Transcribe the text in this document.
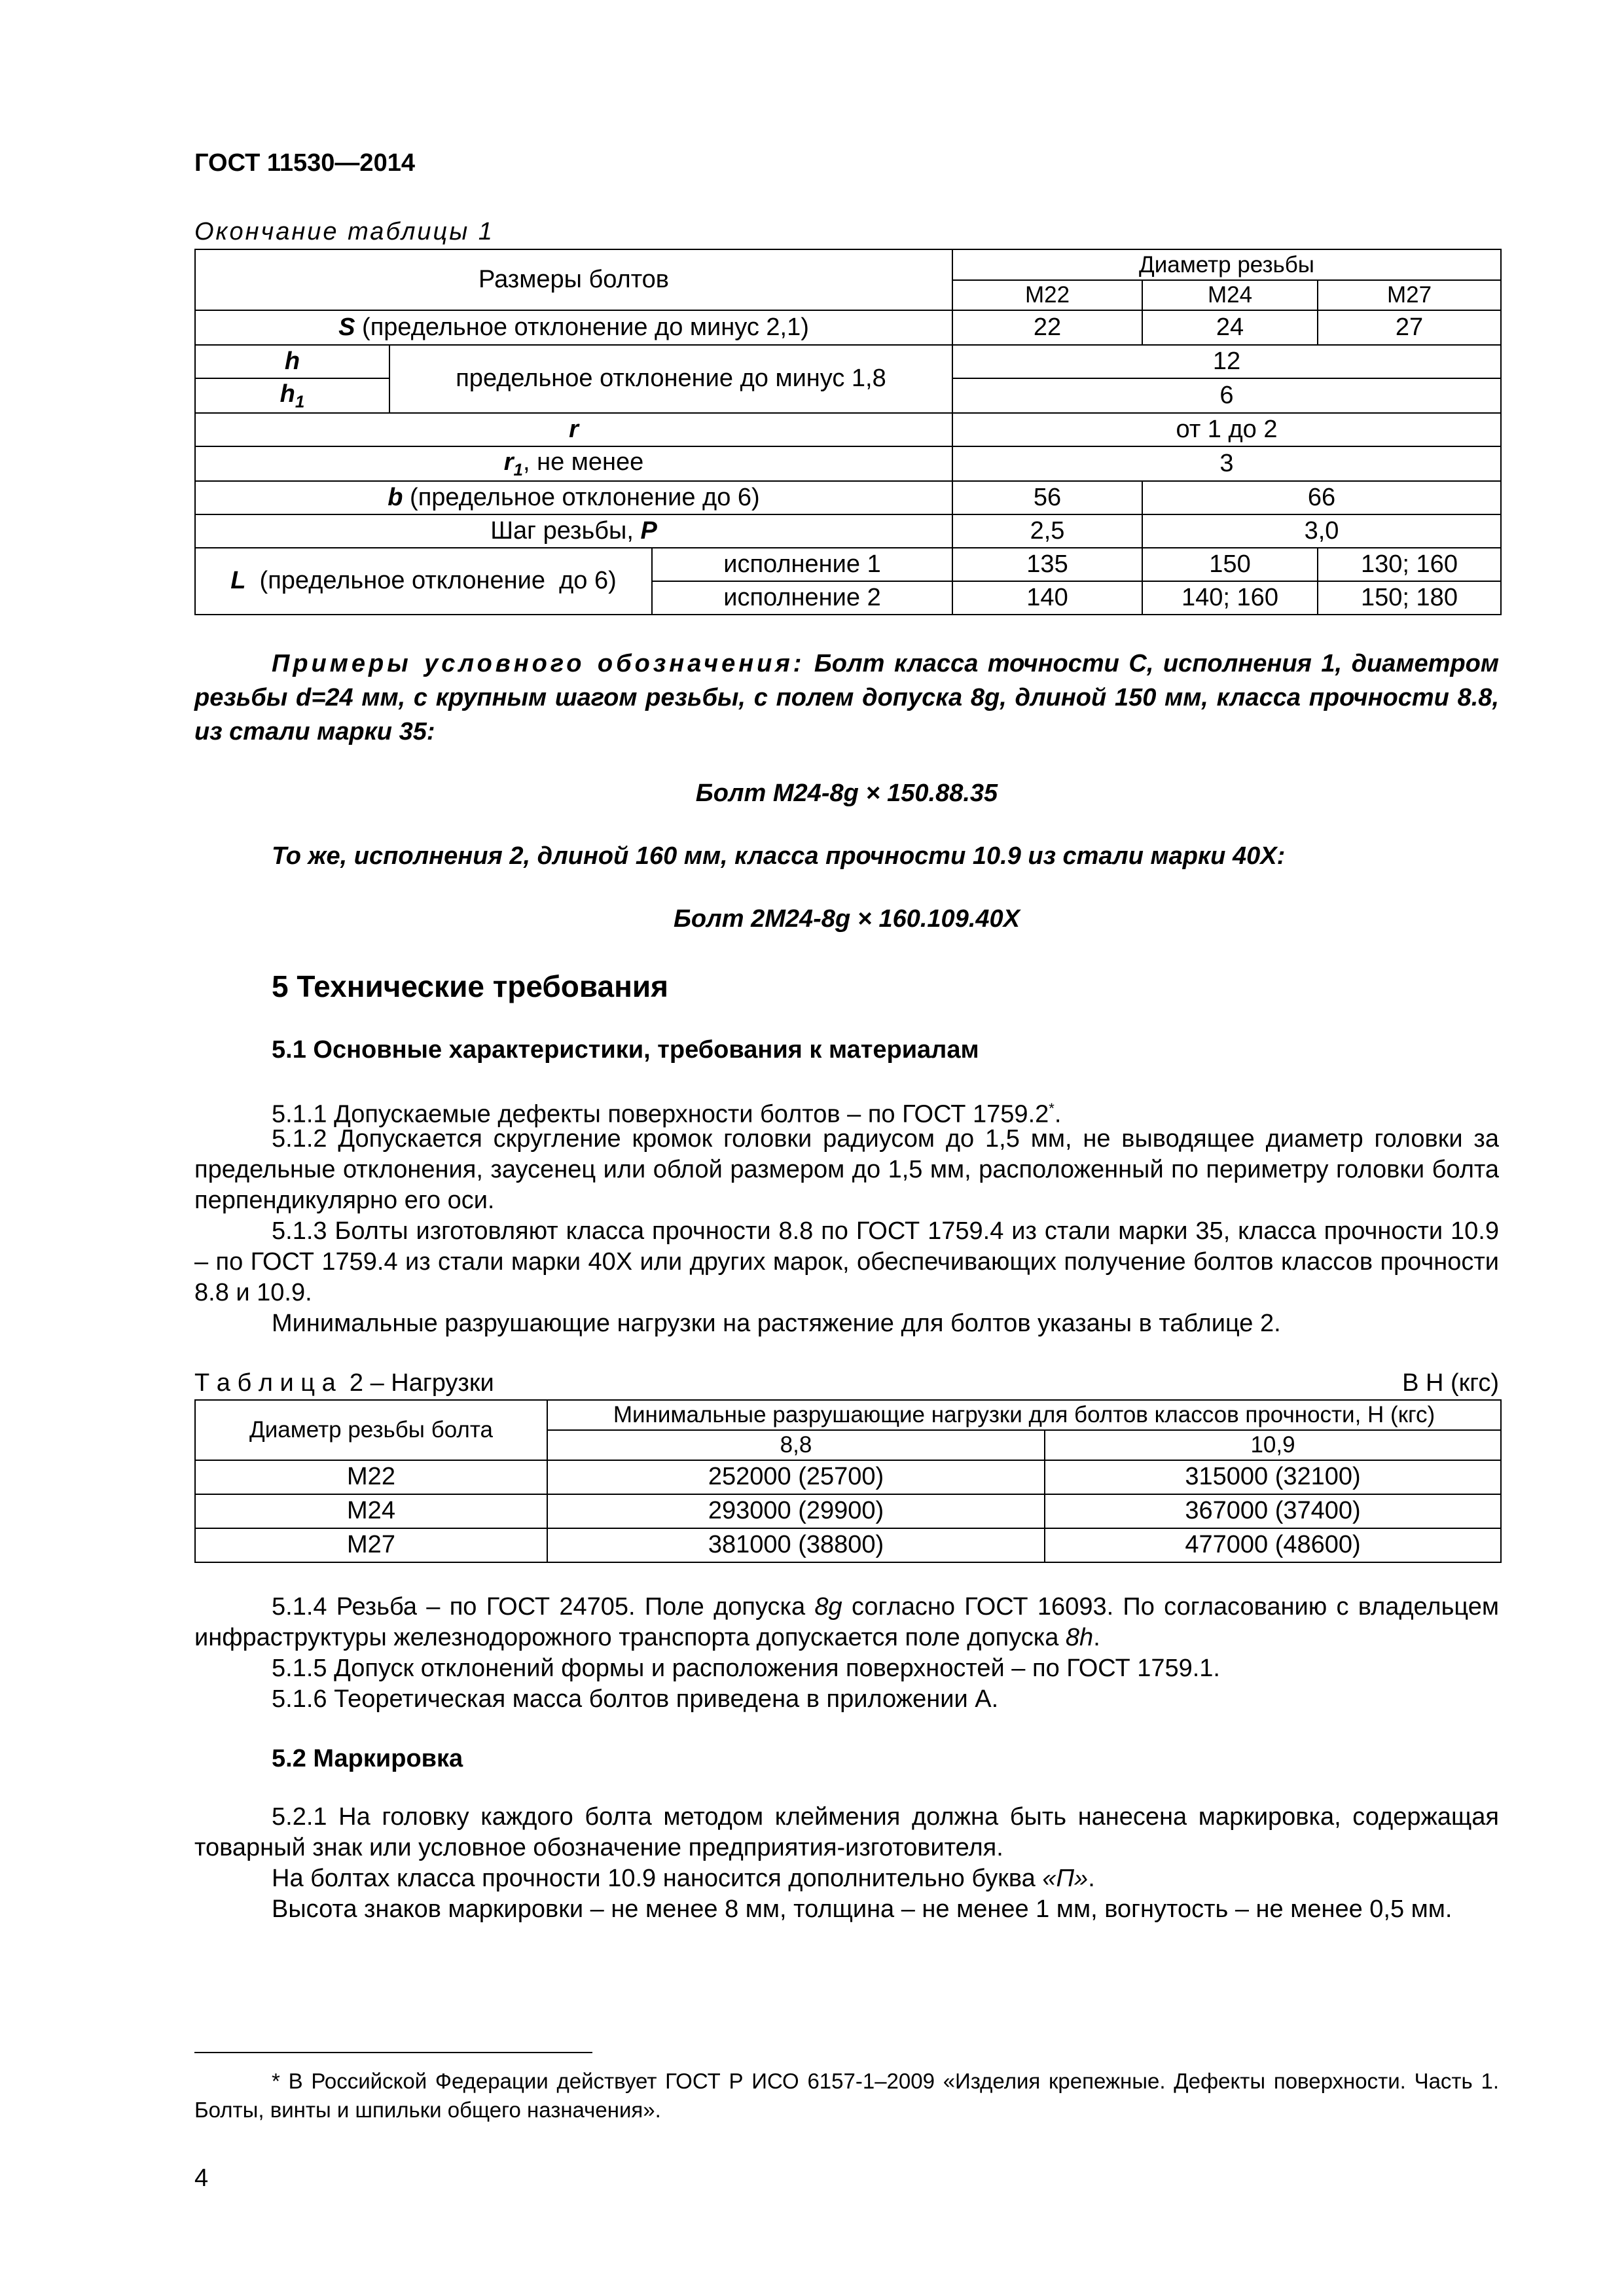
ГОСТ 11530—2014
Окончание таблицы 1
Размеры болтов			Диаметр резьбы		
			М22	М24	М27
S (предельное отклонение до минус 2,1)			22	24	27
h	предельное отклонение до минус 1,8		12		
$h_1$			6		
r			от 1 до 2		
$r_1$, не менее			3		
b (предельное отклонение до 6)			56	66	
Шаг резьбы, P			2,5	3,0	
L  (предельное отклонение  до 6)		исполнение 1	135	150	130; 160
		исполнение 2	140	140; 160	150; 180
Примеры условного обозначения: Болт класса точности С, исполнения 1, диаметром резьбы d=24 мм, с крупным шагом резьбы, с полем допуска 8g, длиной 150 мм, класса прочности 8.8, из стали марки 35:
Болт М24-8g × 150.88.35
То же, исполнения 2, длиной 160 мм, класса прочности 10.9 из стали марки 40Х:
Болт 2М24-8g × 160.109.40Х
5 Технические требования
5.1 Основные характеристики, требования к материалам
5.1.1 Допускаемые дефекты поверхности болтов – по ГОСТ 1759.2*.
5.1.2 Допускается скругление кромок головки радиусом до 1,5 мм, не выводящее диаметр головки за предельные отклонения, заусенец или облой размером до 1,5 мм, расположенный по периметру головки болта перпендикулярно его оси.
5.1.3 Болты изготовляют класса прочности 8.8 по ГОСТ 1759.4 из стали марки 35, класса прочности 10.9 – по ГОСТ 1759.4 из стали марки 40Х или других марок, обеспечивающих получение болтов классов прочности 8.8 и 10.9.
Минимальные разрушающие нагрузки на растяжение для болтов указаны в таблице 2.
Т а б л и ц а  2 – Нагрузки	В Н (кгс)
Диаметр резьбы болта	Минимальные разрушающие нагрузки для болтов классов прочности, Н (кгс)	
	8,8	10,9
М22	252000 (25700)	315000 (32100)
М24	293000 (29900)	367000 (37400)
М27	381000 (38800)	477000 (48600)
5.1.4 Резьба – по ГОСТ 24705. Поле допуска 8g согласно ГОСТ 16093. По согласованию с владельцем инфраструктуры железнодорожного транспорта допускается поле допуска 8h.
5.1.5 Допуск отклонений формы и расположения поверхностей – по ГОСТ 1759.1.
5.1.6 Теоретическая масса болтов приведена в приложении А.
5.2 Маркировка
5.2.1 На головку каждого болта методом клеймения должна быть нанесена маркировка, содержащая товарный знак или условное обозначение предприятия-изготовителя.
На болтах класса прочности 10.9 наносится дополнительно буква «П».
Высота знаков маркировки – не менее 8 мм, толщина – не менее 1 мм, вогнутость – не менее 0,5 мм.
* В Российской Федерации действует ГОСТ Р ИСО 6157-1–2009 «Изделия крепежные. Дефекты поверхности. Часть 1. Болты, винты и шпильки общего назначения».
4
